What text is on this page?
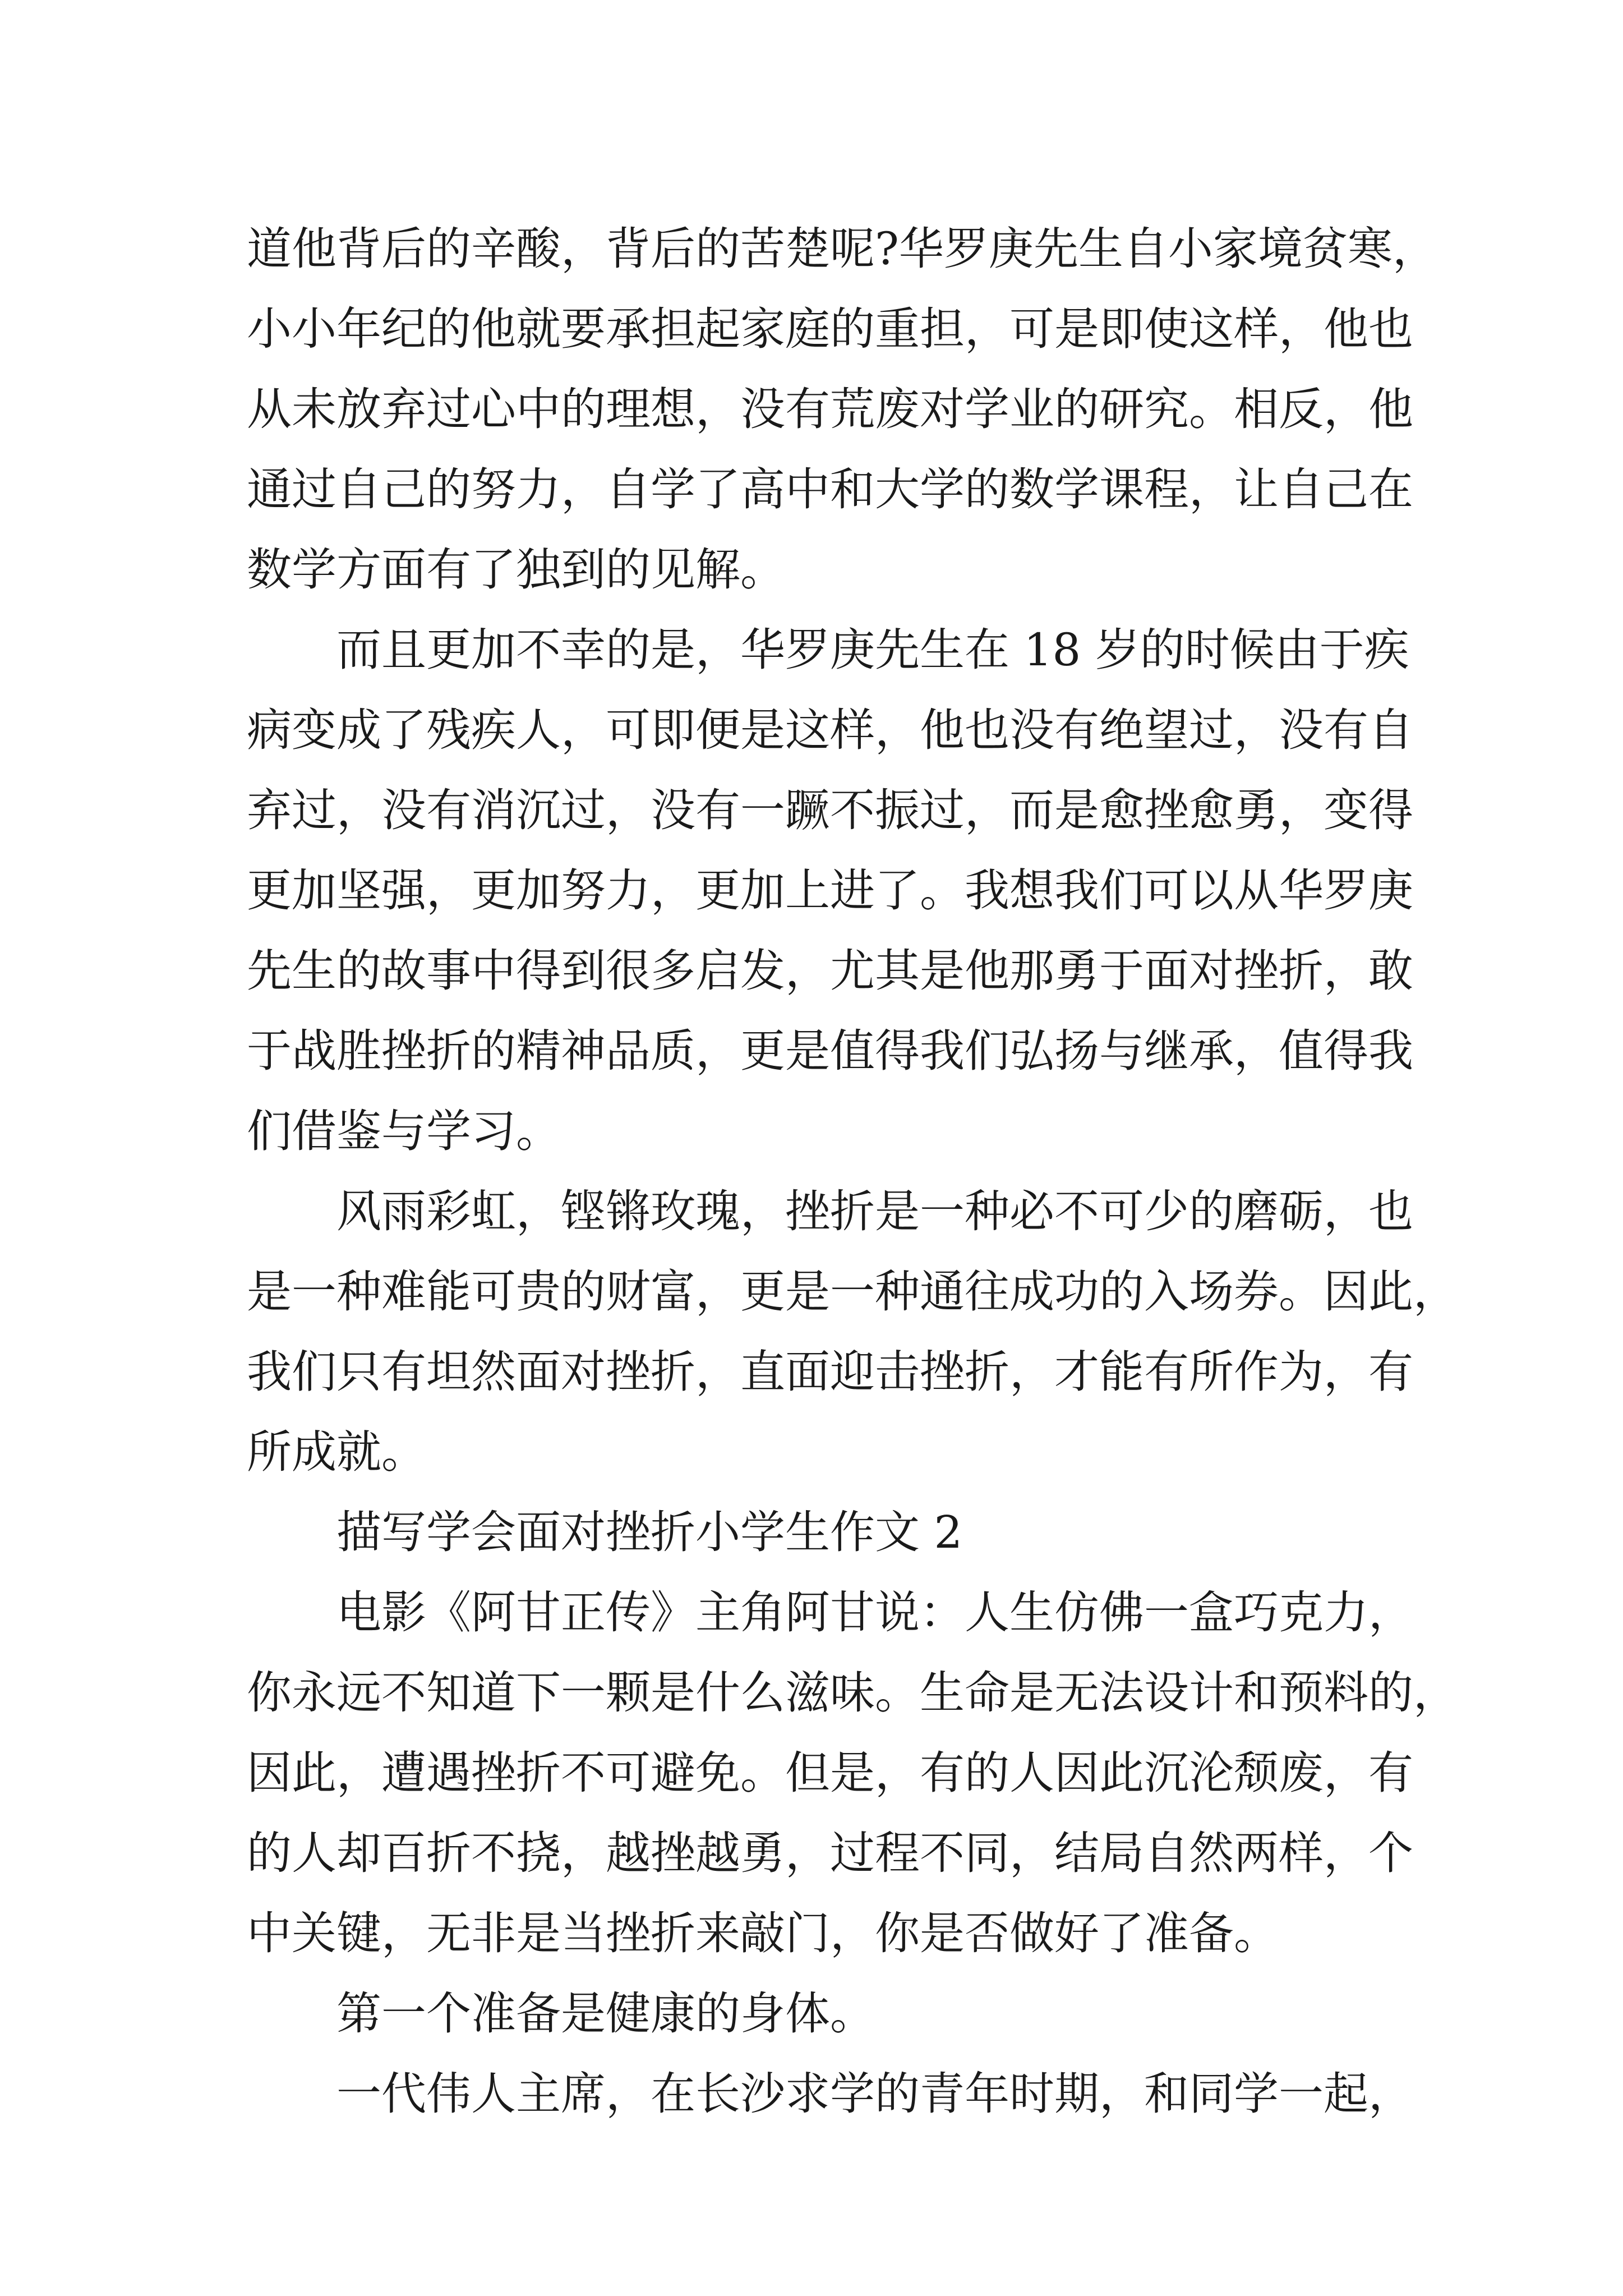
道他背后的辛酸，背后的苦楚呢?华罗庚先生自小家境贫寒，
小小年纪的他就要承担起家庭的重担，可是即使这样，他也
从未放弃过心中的理想，没有荒废对学业的研究。相反，他
通过自己的努力，自学了高中和大学的数学课程，让自己在
数学方面有了独到的见解。
而且更加不幸的是，华罗庚先生在 18 岁的时候由于疾
病变成了残疾人，可即便是这样，他也没有绝望过，没有自
弃过，没有消沉过，没有一蹶不振过，而是愈挫愈勇，变得
更加坚强，更加努力，更加上进了。我想我们可以从华罗庚
先生的故事中得到很多启发，尤其是他那勇于面对挫折，敢
于战胜挫折的精神品质，更是值得我们弘扬与继承，值得我
们借鉴与学习。
风雨彩虹，铿锵玫瑰，挫折是一种必不可少的磨砺，也
是一种难能可贵的财富，更是一种通往成功的入场券。因此，
我们只有坦然面对挫折，直面迎击挫折，才能有所作为，有
所成就。
描写学会面对挫折小学生作文 2
电影《阿甘正传》主角阿甘说：人生仿佛一盒巧克力，
你永远不知道下一颗是什么滋味。生命是无法设计和预料的，
因此，遭遇挫折不可避免。但是，有的人因此沉沦颓废，有
的人却百折不挠，越挫越勇，过程不同，结局自然两样，个
中关键，无非是当挫折来敲门，你是否做好了准备。
第一个准备是健康的身体。
一代伟人主席，在长沙求学的青年时期，和同学一起，
